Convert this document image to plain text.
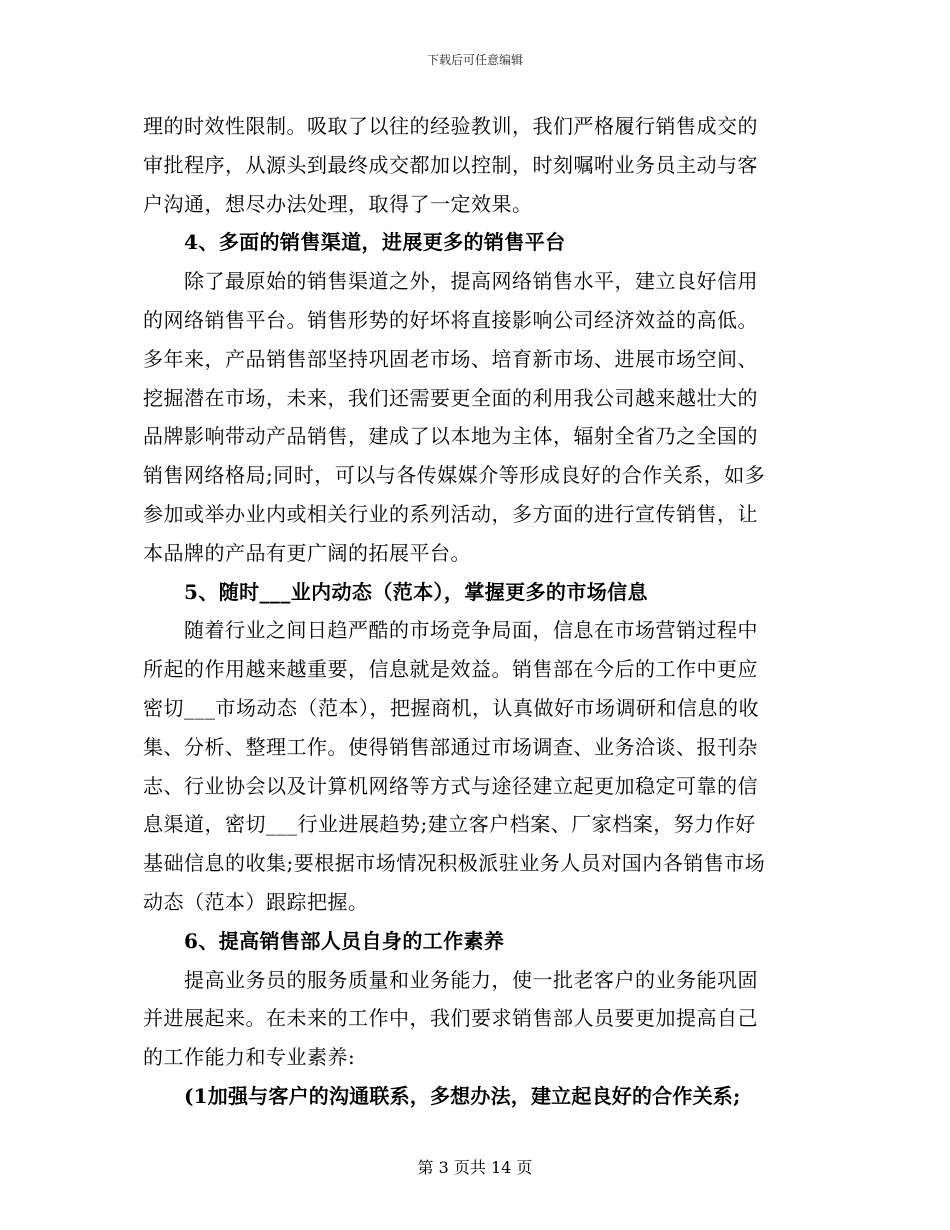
下载后可任意编辑
理的时效性限制。吸取了以往的经验教训，我们严格履行销售成交的
审批程序，从源头到最终成交都加以控制，时刻嘱咐业务员主动与客
户沟通，想尽办法处理，取得了一定效果。
4、多面的销售渠道，进展更多的销售平台
除了最原始的销售渠道之外，提高网络销售水平，建立良好信用
的网络销售平台。销售形势的好坏将直接影响公司经济效益的高低。
多年来，产品销售部坚持巩固老市场、培育新市场、进展市场空间、
挖掘潜在市场，未来，我们还需要更全面的利用我公司越来越壮大的
品牌影响带动产品销售，建成了以本地为主体，辐射全省乃之全国的
销售网络格局;同时，可以与各传媒媒介等形成良好的合作关系，如多
参加或举办业内或相关行业的系列活动，多方面的进行宣传销售，让
本品牌的产品有更广阔的拓展平台。
5、随时___业内动态（范本），掌握更多的市场信息
随着行业之间日趋严酷的市场竞争局面，信息在市场营销过程中
所起的作用越来越重要，信息就是效益。销售部在今后的工作中更应
密切___市场动态（范本），把握商机，认真做好市场调研和信息的收
集、分析、整理工作。使得销售部通过市场调查、业务洽谈、报刊杂
志、行业协会以及计算机网络等方式与途径建立起更加稳定可靠的信
息渠道，密切___行业进展趋势;建立客户档案、厂家档案，努力作好
基础信息的收集;要根据市场情况积极派驻业务人员对国内各销售市场
动态（范本）跟踪把握。
6、提高销售部人员自身的工作素养
提高业务员的服务质量和业务能力，使一批老客户的业务能巩固
并进展起来。在未来的工作中，我们要求销售部人员要更加提高自己
的工作能力和专业素养:
(1加强与客户的沟通联系，多想办法，建立起良好的合作关系;
第 3 页共 14 页
